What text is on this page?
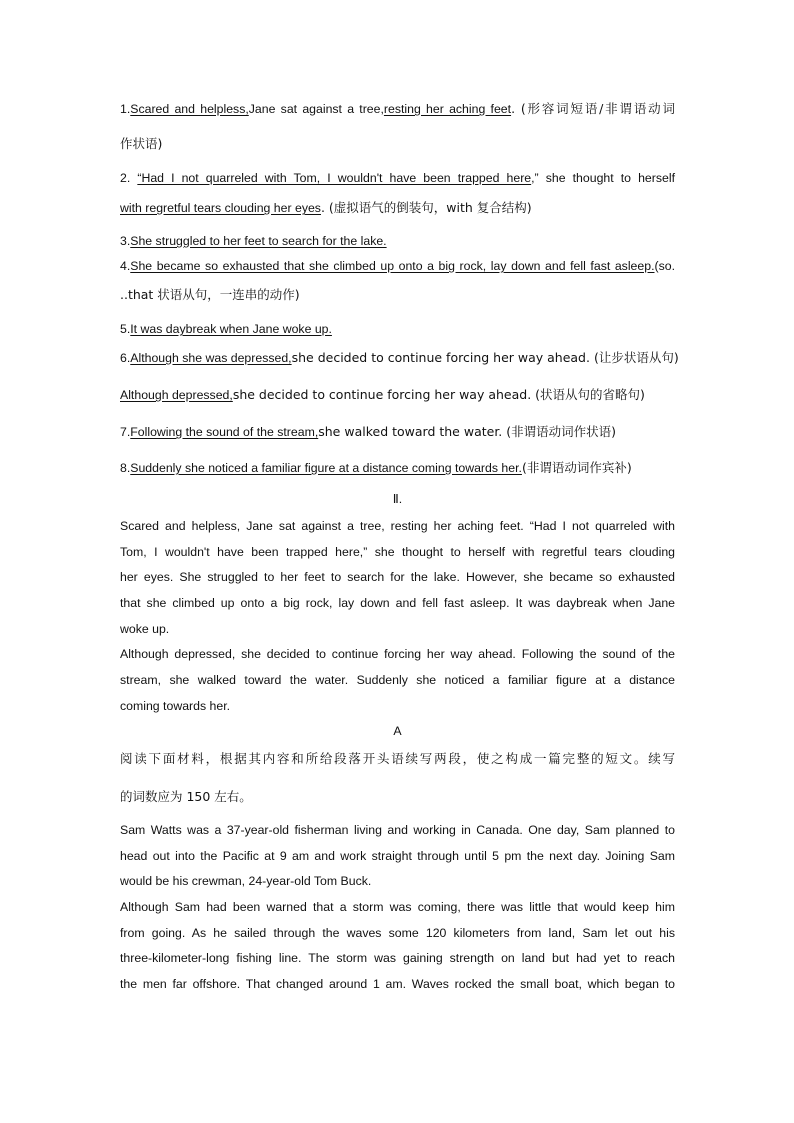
1.Scared and helpless,Jane sat against a tree,resting her aching feet. (形容词短语/非谓语动词
作状语)
2. “Had I not quarreled with Tom, I wouldn't have been trapped here,” she thought to herself
with regretful tears clouding her eyes. (虚拟语气的倒装句，with 复合结构)
3.She struggled to her feet to search for the lake.
4.She became so exhausted that she climbed up onto a big rock, lay down and fell fast asleep.(so.
..that 状语从句，一连串的动作)
5.It was daybreak when Jane woke up.
6.Although she was depressed,she decided to continue forcing her way ahead. (让步状语从句)
Although depressed,she decided to continue forcing her way ahead. (状语从句的省略句)
7.Following the sound of the stream,she walked toward the water. (非谓语动词作状语)
8.Suddenly she noticed a familiar figure at a distance coming towards her.(非谓语动词作宾补)
Ⅱ.
Scared and helpless, Jane sat against a tree, resting her aching feet. “Had I not quarreled with
Tom, I wouldn't have been trapped here,” she thought to herself with regretful tears clouding
her eyes. She struggled to her feet to search for the lake. However, she became so exhausted
that she climbed up onto a big rock, lay down and fell fast asleep. It was daybreak when Jane
woke up.
Although depressed, she decided to continue forcing her way ahead. Following the sound of the
stream, she walked toward the water. Suddenly she noticed a familiar figure at a distance
coming towards her.
A
阅读下面材料，根据其内容和所给段落开头语续写两段，使之构成一篇完整的短文。续写
的词数应为 150 左右。
Sam Watts was a 37-year-old fisherman living and working in Canada. One day, Sam planned to
head out into the Pacific at 9 am and work straight through until 5 pm the next day. Joining Sam
would be his crewman, 24-year-old Tom Buck.
Although Sam had been warned that a storm was coming, there was little that would keep him
from going. As he sailed through the waves some 120 kilometers from land, Sam let out his
three-kilometer-long fishing line. The storm was gaining strength on land but had yet to reach
the men far offshore. That changed around 1 am. Waves rocked the small boat, which began to
